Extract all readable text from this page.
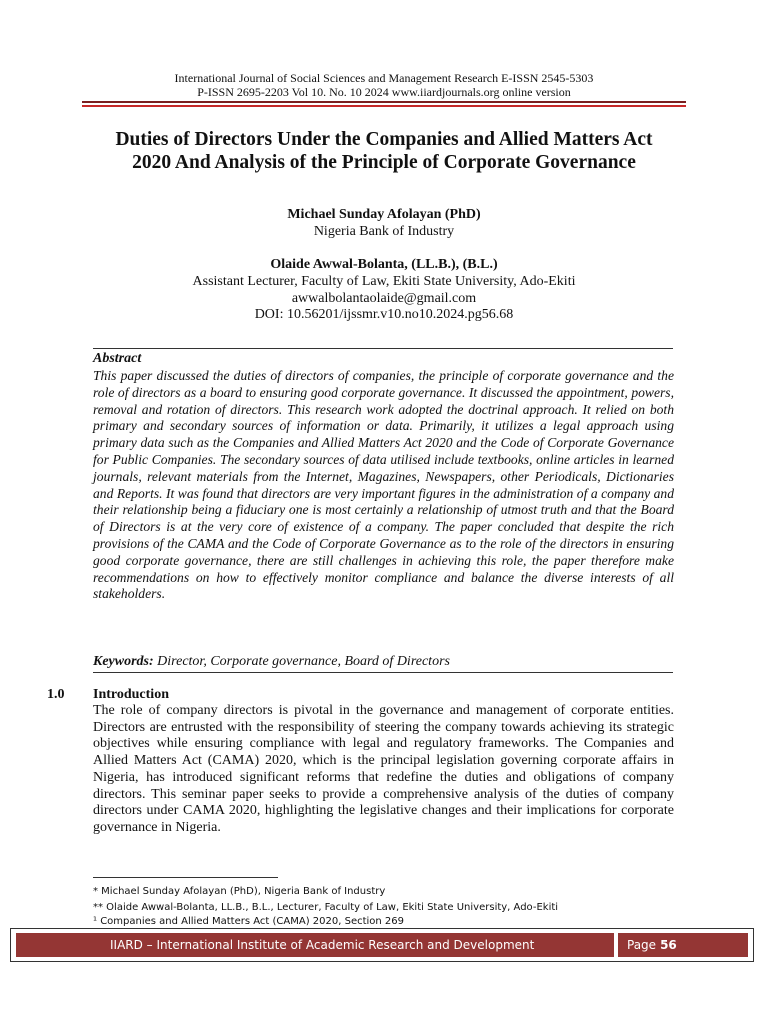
International Journal of Social Sciences and Management Research E-ISSN 2545-5303
P-ISSN 2695-2203 Vol 10. No. 10 2024 www.iiardjournals.org online version
Duties of Directors Under the Companies and Allied Matters Act
2020 And Analysis of the Principle of Corporate Governance
Michael Sunday Afolayan (PhD)
Nigeria Bank of Industry
Olaide Awwal-Bolanta, (LL.B.), (B.L.)
Assistant Lecturer, Faculty of Law, Ekiti State University, Ado-Ekiti
awwalbolantaolaide@gmail.com
DOI: 10.56201/ijssmr.v10.no10.2024.pg56.68
Abstract

This paper discussed the duties of directors of companies, the principle of corporate governance and the role of directors as a board to ensuring good corporate governance. It discussed the appointment, powers, removal and rotation of directors. This research work adopted the doctrinal approach. It relied on both primary and secondary sources of information or data. Primarily, it utilizes a legal approach using primary data such as the Companies and Allied Matters Act 2020 and the Code of Corporate Governance for Public Companies. The secondary sources of data utilised include textbooks, online articles in learned journals, relevant materials from the Internet, Magazines, Newspapers, other Periodicals, Dictionaries and Reports. It was found that directors are very important figures in the administration of a company and their relationship being a fiduciary one is most certainly a relationship of utmost truth and that the Board of Directors is at the very core of existence of a company. The paper concluded that despite the rich provisions of the CAMA and the Code of Corporate Governance as to the role of the directors in ensuring good corporate governance, there are still challenges in achieving this role, the paper therefore make recommendations on how to effectively monitor compliance and balance the diverse interests of all stakeholders.

Keywords: Director, Corporate governance, Board of Directors
1.0 Introduction

The role of company directors is pivotal in the governance and management of corporate entities. Directors are entrusted with the responsibility of steering the company towards achieving its strategic objectives while ensuring compliance with legal and regulatory frameworks. The Companies and Allied Matters Act (CAMA) 2020, which is the principal legislation governing corporate affairs in Nigeria, has introduced significant reforms that redefine the duties and obligations of company directors. This seminar paper seeks to provide a comprehensive analysis of the duties of company directors under CAMA 2020, highlighting the legislative changes and their implications for corporate governance in Nigeria.

* Michael Sunday Afolayan (PhD), Nigeria Bank of Industry
** Olaide Awwal-Bolanta, LL.B., B.L., Lecturer, Faculty of Law, Ekiti State University, Ado-Ekiti
¹ Companies and Allied Matters Act (CAMA) 2020, Section 269
IIARD – International Institute of Academic Research and Development	Page 56
